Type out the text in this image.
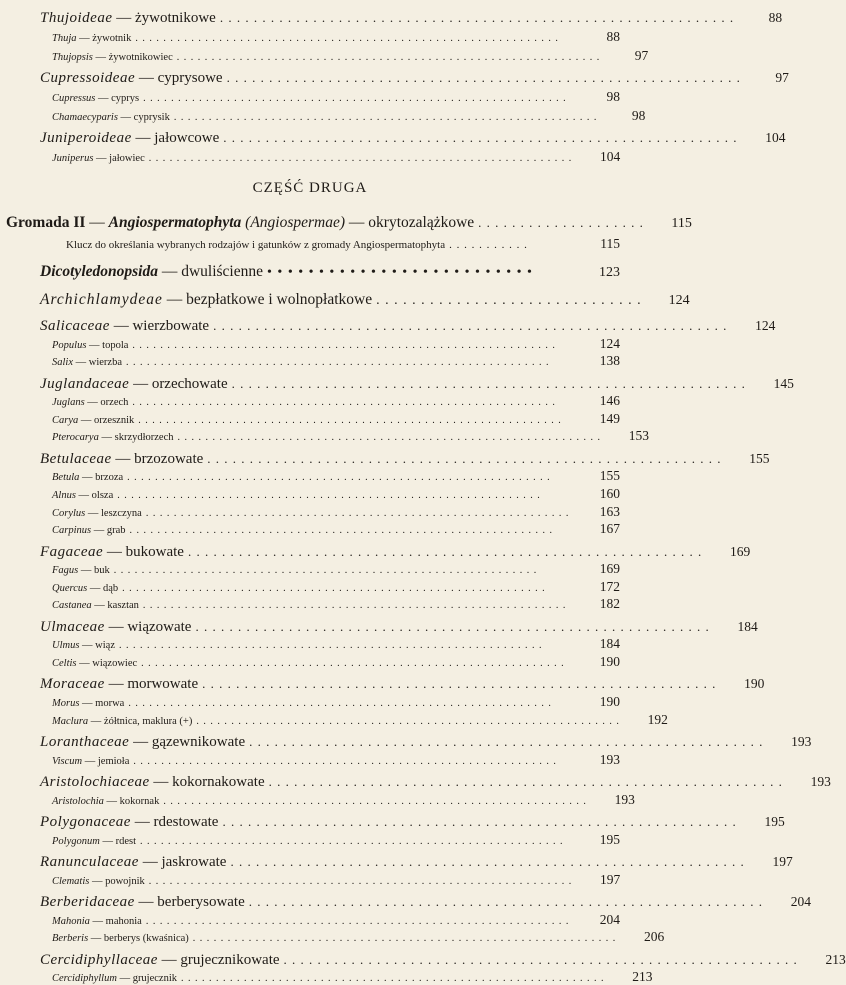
Thujoideae — żywotnikowe . . . . . . . . . . . . . . . . . . . . . . . . . . . . . . . . . . . . . . . . . . . . . . . . . . . . . . . . . . . . .	88
Thuja — żywotnik . . . . . . . . . . . . . . . . . . . . . . . . . . . . . . . . . . . . . . . . . . . . . . . . . . . . . . . . . . . . .	88
Thujopsis — żywotnikowiec . . . . . . . . . . . . . . . . . . . . . . . . . . . . . . . . . . . . . . . . . . . . . . . . . . . . . . . . . . . . .	97
Cupressoideae — cyprysowe . . . . . . . . . . . . . . . . . . . . . . . . . . . . . . . . . . . . . . . . . . . . . . . . . . . . . . . . . . . . .	97
Cupressus — cyprys . . . . . . . . . . . . . . . . . . . . . . . . . . . . . . . . . . . . . . . . . . . . . . . . . . . . . . . . . . . . .	98
Chamaecyparis — cyprysik . . . . . . . . . . . . . . . . . . . . . . . . . . . . . . . . . . . . . . . . . . . . . . . . . . . . . . . . . . . . .	98
Juniperoideae — jałowcowe . . . . . . . . . . . . . . . . . . . . . . . . . . . . . . . . . . . . . . . . . . . . . . . . . . . . . . . . . . . . .	104
Juniperus — jałowiec . . . . . . . . . . . . . . . . . . . . . . . . . . . . . . . . . . . . . . . . . . . . . . . . . . . . . . . . . . . . .	104
CZĘŚĆ DRUGA
Gromada II — Angiospermatophyta (Angiospermae) — okrytozalążkowe . . . . . . . . . . . . . . . . . . . .	115
Klucz do określania wybranych rodzajów i gatunków z gromady Angiospermatophyta . . . . . . . . . . .	115
Dicotyledonopsida — dwuliścienne • • • • • • • • • • • • • • • • • • • • • • • • • •	123
Archichlamydeae — bezpłatkowe i wolnopłatkowe . . . . . . . . . . . . . . . . . . . . . . . . . . . . . .	124
Salicaceae — wierzbowate . . . . . . . . . . . . . . . . . . . . . . . . . . . . . . . . . . . . . . . . . . . . . . . . . . . . . . . . . . . . .	124
Populus — topola . . . . . . . . . . . . . . . . . . . . . . . . . . . . . . . . . . . . . . . . . . . . . . . . . . . . . . . . . . . . .	124
Salix — wierzba . . . . . . . . . . . . . . . . . . . . . . . . . . . . . . . . . . . . . . . . . . . . . . . . . . . . . . . . . . . . .	138
Juglandaceae — orzechowate . . . . . . . . . . . . . . . . . . . . . . . . . . . . . . . . . . . . . . . . . . . . . . . . . . . . . . . . . . . . .	145
Juglans — orzech . . . . . . . . . . . . . . . . . . . . . . . . . . . . . . . . . . . . . . . . . . . . . . . . . . . . . . . . . . . . .	146
Carya — orzesznik . . . . . . . . . . . . . . . . . . . . . . . . . . . . . . . . . . . . . . . . . . . . . . . . . . . . . . . . . . . . .	149
Pterocarya — skrzydłorzech . . . . . . . . . . . . . . . . . . . . . . . . . . . . . . . . . . . . . . . . . . . . . . . . . . . . . . . . . . . . .	153
Betulaceae — brzozowate . . . . . . . . . . . . . . . . . . . . . . . . . . . . . . . . . . . . . . . . . . . . . . . . . . . . . . . . . . . . .	155
Betula — brzoza . . . . . . . . . . . . . . . . . . . . . . . . . . . . . . . . . . . . . . . . . . . . . . . . . . . . . . . . . . . . .	155
Alnus — olsza . . . . . . . . . . . . . . . . . . . . . . . . . . . . . . . . . . . . . . . . . . . . . . . . . . . . . . . . . . . . .	160
Corylus — leszczyna . . . . . . . . . . . . . . . . . . . . . . . . . . . . . . . . . . . . . . . . . . . . . . . . . . . . . . . . . . . . .	163
Carpinus — grab . . . . . . . . . . . . . . . . . . . . . . . . . . . . . . . . . . . . . . . . . . . . . . . . . . . . . . . . . . . . .	167
Fagaceae — bukowate . . . . . . . . . . . . . . . . . . . . . . . . . . . . . . . . . . . . . . . . . . . . . . . . . . . . . . . . . . . . .	169
Fagus — buk . . . . . . . . . . . . . . . . . . . . . . . . . . . . . . . . . . . . . . . . . . . . . . . . . . . . . . . . . . . . .	169
Quercus — dąb . . . . . . . . . . . . . . . . . . . . . . . . . . . . . . . . . . . . . . . . . . . . . . . . . . . . . . . . . . . . .	172
Castanea — kasztan . . . . . . . . . . . . . . . . . . . . . . . . . . . . . . . . . . . . . . . . . . . . . . . . . . . . . . . . . . . . .	182
Ulmaceae — wiązowate . . . . . . . . . . . . . . . . . . . . . . . . . . . . . . . . . . . . . . . . . . . . . . . . . . . . . . . . . . . . .	184
Ulmus — wiąz . . . . . . . . . . . . . . . . . . . . . . . . . . . . . . . . . . . . . . . . . . . . . . . . . . . . . . . . . . . . .	184
Celtis — wiązowiec . . . . . . . . . . . . . . . . . . . . . . . . . . . . . . . . . . . . . . . . . . . . . . . . . . . . . . . . . . . . .	190
Moraceae — morwowate . . . . . . . . . . . . . . . . . . . . . . . . . . . . . . . . . . . . . . . . . . . . . . . . . . . . . . . . . . . . .	190
Morus — morwa . . . . . . . . . . . . . . . . . . . . . . . . . . . . . . . . . . . . . . . . . . . . . . . . . . . . . . . . . . . . .	190
Maclura — żółtnica, maklura (+) . . . . . . . . . . . . . . . . . . . . . . . . . . . . . . . . . . . . . . . . . . . . . . . . . . . . . . . . . . . . .	192
Loranthaceae — gązewnikowate . . . . . . . . . . . . . . . . . . . . . . . . . . . . . . . . . . . . . . . . . . . . . . . . . . . . . . . . . . . . .	193
Viscum — jemioła . . . . . . . . . . . . . . . . . . . . . . . . . . . . . . . . . . . . . . . . . . . . . . . . . . . . . . . . . . . . .	193
Aristolochiaceae — kokornakowate . . . . . . . . . . . . . . . . . . . . . . . . . . . . . . . . . . . . . . . . . . . . . . . . . . . . . . . . . . . . .	193
Aristolochia — kokornak . . . . . . . . . . . . . . . . . . . . . . . . . . . . . . . . . . . . . . . . . . . . . . . . . . . . . . . . . . . . .	193
Polygonaceae — rdestowate . . . . . . . . . . . . . . . . . . . . . . . . . . . . . . . . . . . . . . . . . . . . . . . . . . . . . . . . . . . . .	195
Polygonum — rdest . . . . . . . . . . . . . . . . . . . . . . . . . . . . . . . . . . . . . . . . . . . . . . . . . . . . . . . . . . . . .	195
Ranunculaceae — jaskrowate . . . . . . . . . . . . . . . . . . . . . . . . . . . . . . . . . . . . . . . . . . . . . . . . . . . . . . . . . . . . .	197
Clematis — powojnik . . . . . . . . . . . . . . . . . . . . . . . . . . . . . . . . . . . . . . . . . . . . . . . . . . . . . . . . . . . . .	197
Berberidaceae — berberysowate . . . . . . . . . . . . . . . . . . . . . . . . . . . . . . . . . . . . . . . . . . . . . . . . . . . . . . . . . . . . .	204
Mahonia — mahonia . . . . . . . . . . . . . . . . . . . . . . . . . . . . . . . . . . . . . . . . . . . . . . . . . . . . . . . . . . . . .	204
Berberis — berberys (kwaśnica) . . . . . . . . . . . . . . . . . . . . . . . . . . . . . . . . . . . . . . . . . . . . . . . . . . . . . . . . . . . . .	206
Cercidiphyllaceae — grujecznikowate . . . . . . . . . . . . . . . . . . . . . . . . . . . . . . . . . . . . . . . . . . . . . . . . . . . . . . . . . . . . .	213
Cercidiphyllum — grujecznik . . . . . . . . . . . . . . . . . . . . . . . . . . . . . . . . . . . . . . . . . . . . . . . . . . . . . . . . . . . . .	213
